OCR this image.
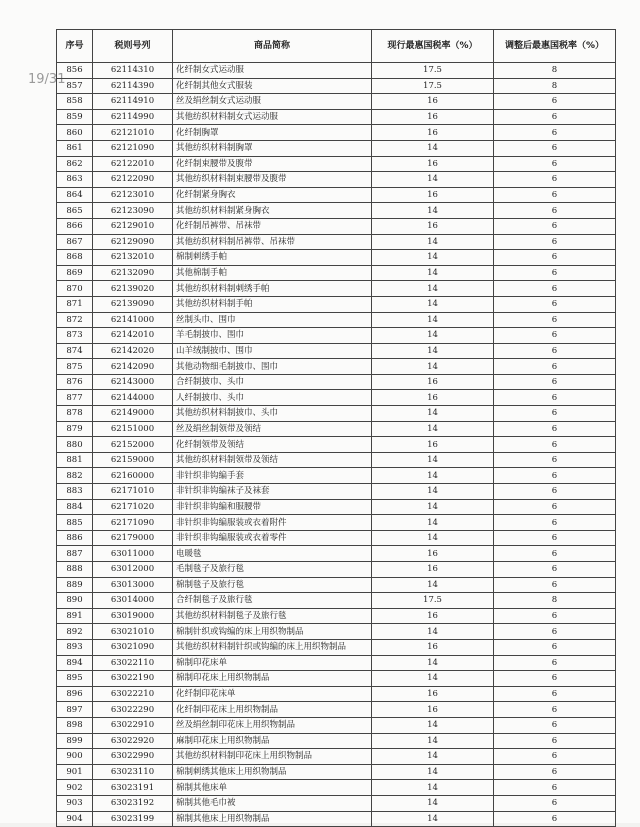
19/31
序号	税则号列	商品简称	现行最惠国税率（%）	调整后最惠国税率（%）
856	62114310	化纤制女式运动服	17.5	8
857	62114390	化纤制其他女式服装	17.5	8
858	62114910	丝及绢丝制女式运动服	16	6
859	62114990	其他纺织材料制女式运动服	16	6
860	62121010	化纤制胸罩	16	6
861	62121090	其他纺织材料制胸罩	14	6
862	62122010	化纤制束腰带及腹带	16	6
863	62122090	其他纺织材料制束腰带及腹带	14	6
864	62123010	化纤制紧身胸衣	16	6
865	62123090	其他纺织材料制紧身胸衣	14	6
866	62129010	化纤制吊裤带、吊袜带	16	6
867	62129090	其他纺织材料制吊裤带、吊袜带	14	6
868	62132010	棉制刺绣手帕	14	6
869	62132090	其他棉制手帕	14	6
870	62139020	其他纺织材料制刺绣手帕	14	6
871	62139090	其他纺织材料制手帕	14	6
872	62141000	丝制头巾、围巾	14	6
873	62142010	羊毛制披巾、围巾	14	6
874	62142020	山羊绒制披巾、围巾	14	6
875	62142090	其他动物细毛制披巾、围巾	14	6
876	62143000	合纤制披巾、头巾	16	6
877	62144000	人纤制披巾、头巾	16	6
878	62149000	其他纺织材料制披巾、头巾	14	6
879	62151000	丝及绢丝制领带及领结	14	6
880	62152000	化纤制领带及领结	16	6
881	62159000	其他纺织材料制领带及领结	14	6
882	62160000	非针织非钩编手套	14	6
883	62171010	非针织非钩编袜子及袜套	14	6
884	62171020	非针织非钩编和服腰带	14	6
885	62171090	非针织非钩编服装或衣着附件	14	6
886	62179000	非针织非钩编服装或衣着零件	14	6
887	63011000	电暖毯	16	6
888	63012000	毛制毯子及旅行毯	16	6
889	63013000	棉制毯子及旅行毯	14	6
890	63014000	合纤制毯子及旅行毯	17.5	8
891	63019000	其他纺织材料制毯子及旅行毯	16	6
892	63021010	棉制针织或钩编的床上用织物制品	14	6
893	63021090	其他纺织材料制针织或钩编的床上用织物制品	16	6
894	63022110	棉制印花床单	14	6
895	63022190	棉制印花床上用织物制品	14	6
896	63022210	化纤制印花床单	16	6
897	63022290	化纤制印花床上用织物制品	16	6
898	63022910	丝及绢丝制印花床上用织物制品	14	6
899	63022920	麻制印花床上用织物制品	14	6
900	63022990	其他纺织材料制印花床上用织物制品	14	6
901	63023110	棉制刺绣其他床上用织物制品	14	6
902	63023191	棉制其他床单	14	6
903	63023192	棉制其他毛巾被	14	6
904	63023199	棉制其他床上用织物制品	14	6
